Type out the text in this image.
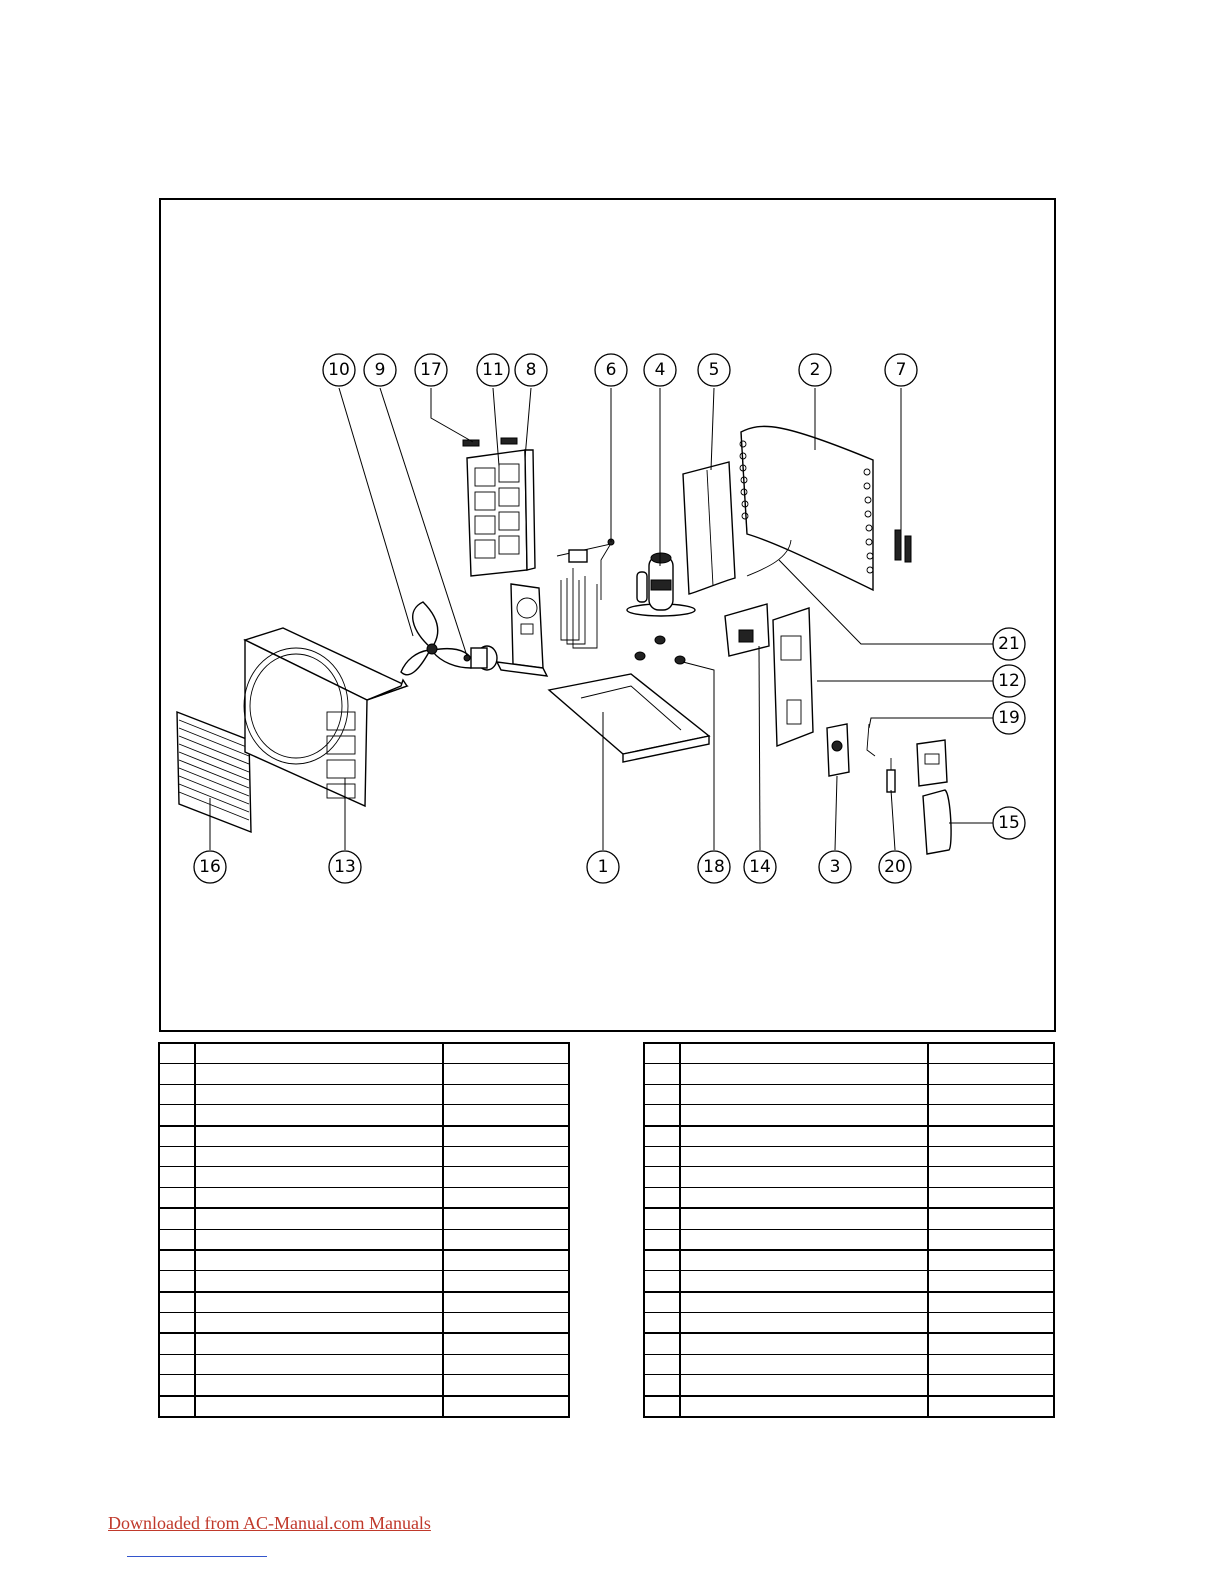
10 9 17 11 8	6 4	5	2	7
21
12
19
15
16	13	1	18 14	3	20

Downloaded from AC-Manual.com Manuals
